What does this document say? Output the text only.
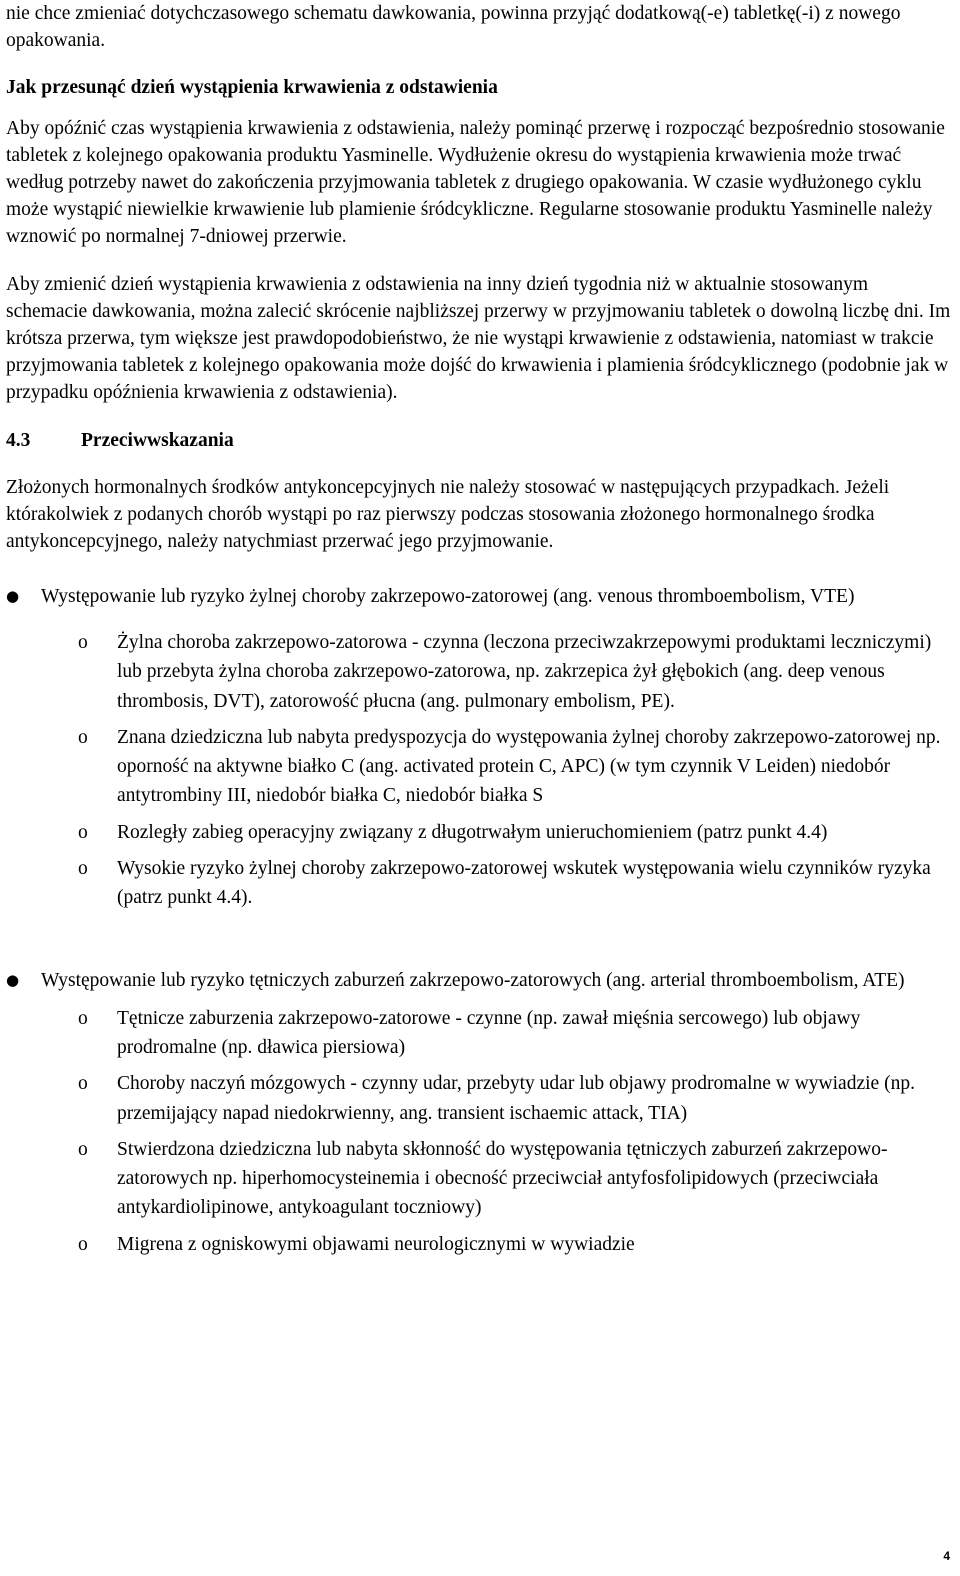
nie chce zmieniać dotychczasowego schematu dawkowania, powinna przyjąć dodatkową(-e) tabletkę(-i) z nowego opakowania.

Jak przesunąć dzień wystąpienia krwawienia z odstawienia

Aby opóźnić czas wystąpienia krwawienia z odstawienia, należy pominąć przerwę i rozpocząć bezpośrednio stosowanie tabletek z kolejnego opakowania produktu Yasminelle. Wydłużenie okresu do wystąpienia krwawienia może trwać według potrzeby nawet do zakończenia przyjmowania tabletek z drugiego opakowania. W czasie wydłużonego cyklu może wystąpić niewielkie krwawienie lub plamienie śródcykliczne. Regularne stosowanie produktu Yasminelle należy wznowić po normalnej 7-dniowej przerwie.

Aby zmienić dzień wystąpienia krwawienia z odstawienia na inny dzień tygodnia niż w aktualnie stosowanym schemacie dawkowania, można zalecić skrócenie najbliższej przerwy w przyjmowaniu tabletek o dowolną liczbę dni. Im krótsza przerwa, tym większe jest prawdopodobieństwo, że nie wystąpi krwawienie z odstawienia, natomiast w trakcie przyjmowania tabletek z kolejnego opakowania może dojść do krwawienia i plamienia śródcyklicznego (podobnie jak w przypadku opóźnienia krwawienia z odstawienia).

4.3	Przeciwwskazania

Złożonych hormonalnych środków antykoncepcyjnych nie należy stosować w następujących przypadkach. Jeżeli którakolwiek z podanych chorób wystąpi po raz pierwszy podczas stosowania złożonego hormonalnego środka antykoncepcyjnego, należy natychmiast przerwać jego przyjmowanie.

●	Występowanie lub ryzyko żylnej choroby zakrzepowo-zatorowej (ang. venous thromboembolism, VTE)
o Żylna choroba zakrzepowo-zatorowa - czynna (leczona przeciwzakrzepowymi produktami leczniczymi) lub przebyta żylna choroba zakrzepowo-zatorowa, np. zakrzepica żył głębokich (ang. deep venous thrombosis, DVT), zatorowość płucna (ang. pulmonary embolism, PE).
o Znana dziedziczna lub nabyta predyspozycja do występowania żylnej choroby zakrzepowo-zatorowej np. oporność na aktywne białko C (ang. activated protein C, APC) (w tym czynnik V Leiden) niedobór antytrombiny III, niedobór białka C, niedobór białka S
o Rozległy zabieg operacyjny związany z długotrwałym unieruchomieniem (patrz punkt 4.4)
o Wysokie ryzyko żylnej choroby zakrzepowo-zatorowej wskutek występowania wielu czynników ryzyka (patrz punkt 4.4).
●	Występowanie lub ryzyko tętniczych zaburzeń zakrzepowo-zatorowych (ang. arterial thromboembolism, ATE)
o Tętnicze zaburzenia zakrzepowo-zatorowe - czynne (np. zawał mięśnia sercowego) lub objawy prodromalne (np. dławica piersiowa)
o Choroby naczyń mózgowych - czynny udar, przebyty udar lub objawy prodromalne w wywiadzie (np. przemijający napad niedokrwienny, ang. transient ischaemic attack, TIA)
o Stwierdzona dziedziczna lub nabyta skłonność do występowania tętniczych zaburzeń zakrzepowo-zatorowych np. hiperhomocysteinemia i obecność przeciwciał antyfosfolipidowych (przeciwciała antykardiolipinowe, antykoagulant toczniowy)
o Migrena z ogniskowymi objawami neurologicznymi w wywiadzie
4
